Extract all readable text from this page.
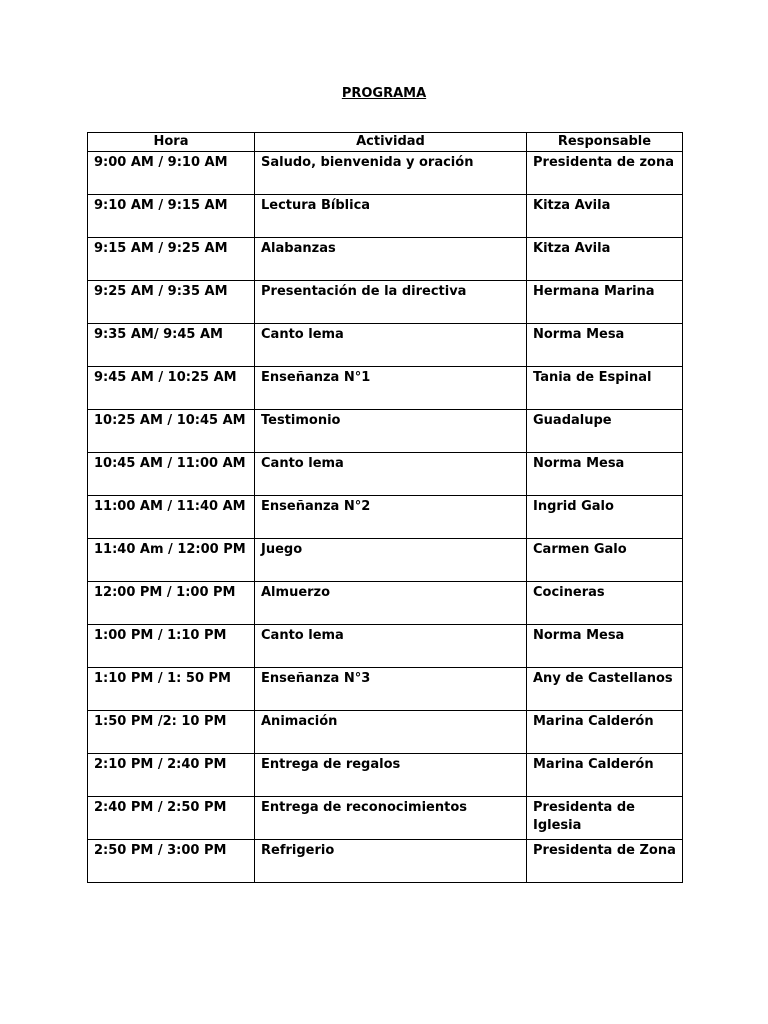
PROGRAMA
Hora	Actividad	Responsable
9:00 AM / 9:10 AM	Saludo, bienvenida y oración	Presidenta de zona
9:10 AM / 9:15 AM	Lectura Bíblica	Kitza Avila
9:15 AM / 9:25 AM	Alabanzas	Kitza Avila
9:25 AM / 9:35 AM	Presentación de la directiva	Hermana Marina
9:35 AM/ 9:45 AM	Canto lema	Norma Mesa
9:45 AM / 10:25 AM	Enseñanza N°1	Tania de Espinal
10:25 AM / 10:45 AM	Testimonio	Guadalupe
10:45 AM / 11:00 AM	Canto lema	Norma Mesa
11:00 AM / 11:40 AM	Enseñanza N°2	Ingrid Galo
11:40 Am / 12:00 PM	Juego	Carmen Galo
12:00 PM / 1:00 PM	Almuerzo	Cocineras
1:00 PM / 1:10 PM	Canto lema	Norma Mesa
1:10 PM / 1: 50 PM	Enseñanza N°3	Any de Castellanos
1:50 PM /2: 10 PM	Animación	Marina Calderón
2:10 PM / 2:40 PM	Entrega de regalos	Marina Calderón
2:40 PM / 2:50 PM	Entrega de reconocimientos	Presidenta de Iglesia
2:50 PM / 3:00 PM	Refrigerio	Presidenta de Zona
